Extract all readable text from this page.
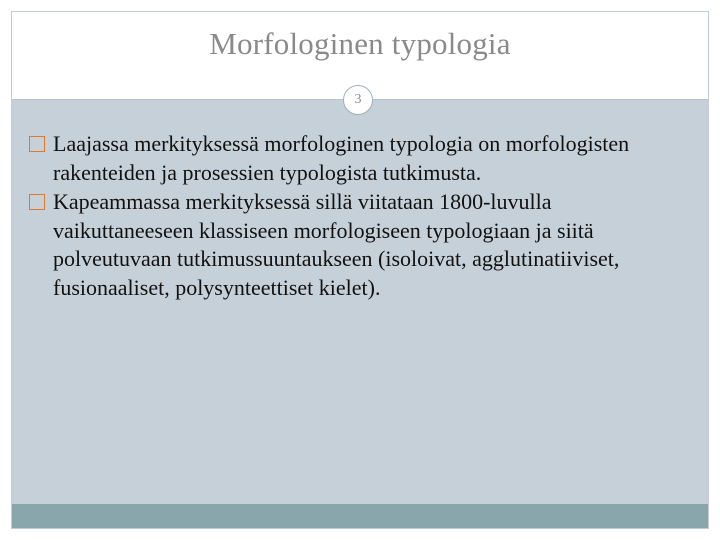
Morfologinen typologia
3
Laajassa merkityksessä morfologinen typologia on morfologisten rakenteiden ja prosessien typologista tutkimusta.
Kapeammassa merkityksessä sillä viitataan 1800-luvulla vaikuttaneeseen klassiseen morfologiseen typologiaan ja siitä polveutuvaan tutkimussuuntaukseen (isoloivat, agglutinatiiviset, fusionaaliset, polysynteettiset kielet).
